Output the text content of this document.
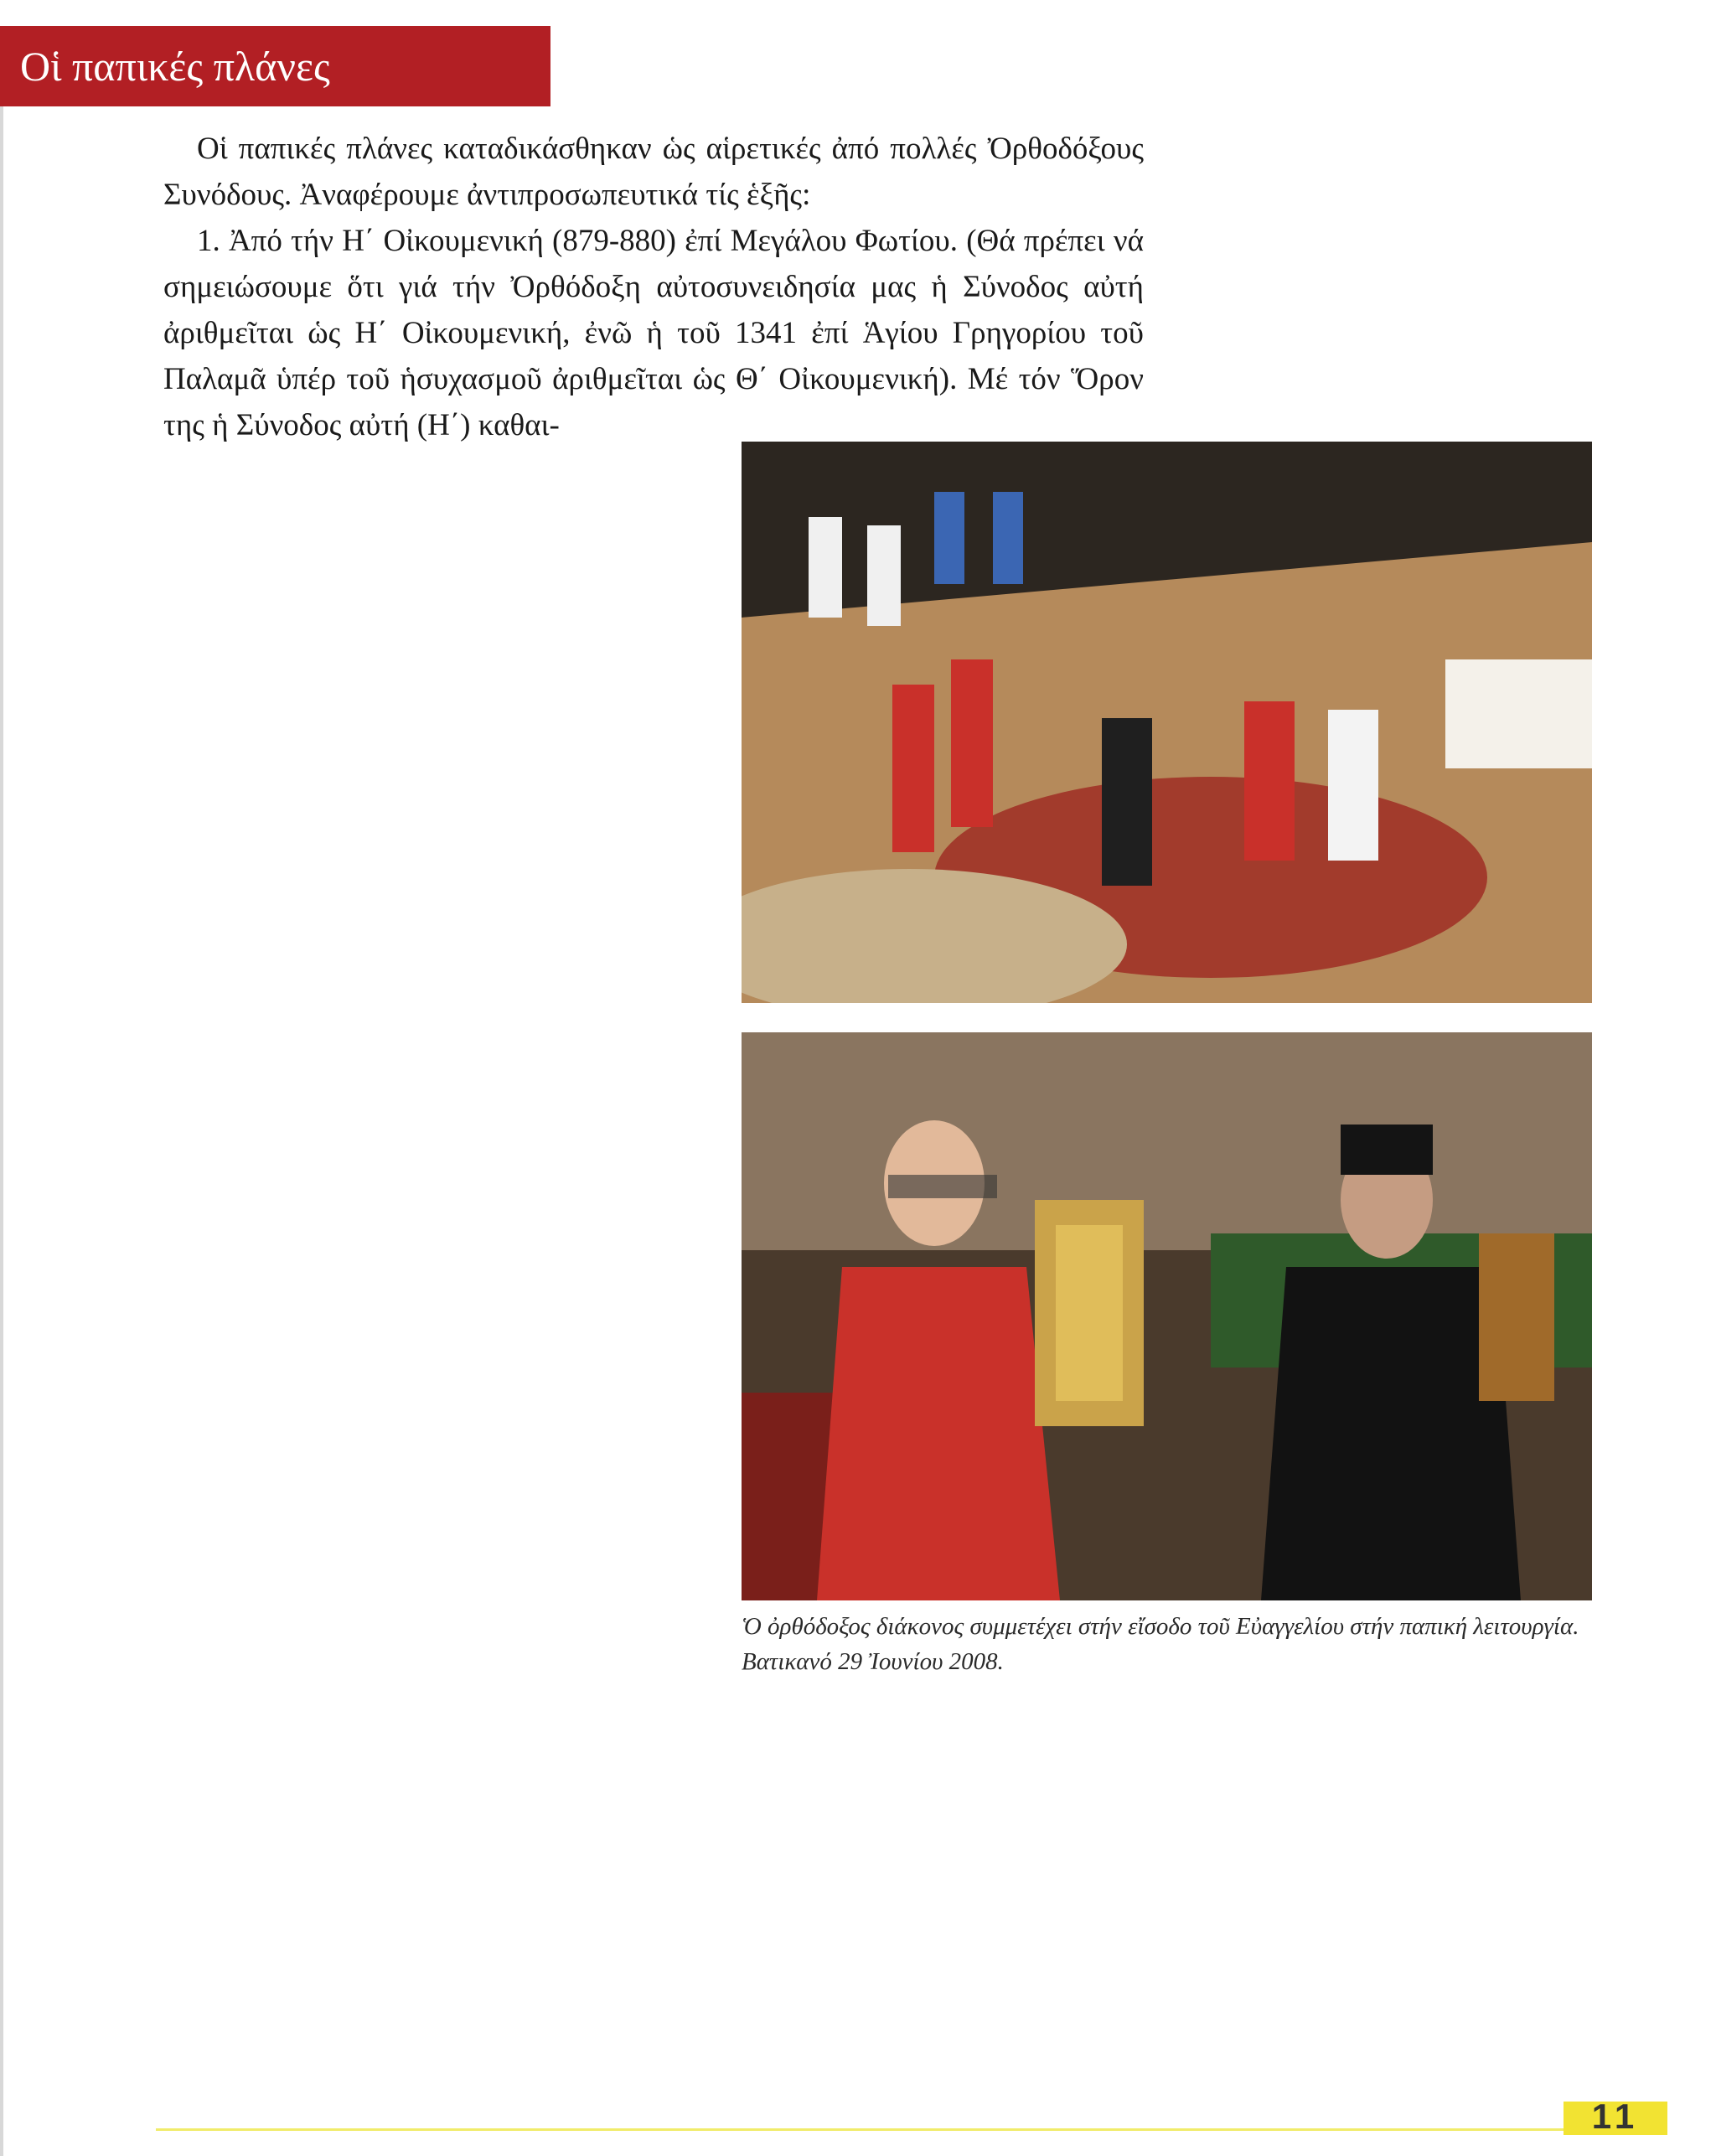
Οἱ παπικές πλάνες

Οἱ παπικές πλάνες καταδικάσθηκαν ὡς αἱρετικές ἀπό πολλές Ὀρθοδόξους Συνόδους. Ἀναφέρουμε ἀντιπροσωπευτικά τίς ἑξῆς:

1. Ἀπό τήν Η΄ Οἰκουμενική (879-880) ἐπί Μεγάλου Φωτίου. (Θά πρέπει νά σημειώσουμε ὅτι γιά τήν Ὀρθόδοξη αὐτοσυνειδησία μας ἡ Σύνοδος αὐτή ἀριθμεῖται ὡς Η΄ Οἰκουμενική, ἐνῶ ἡ τοῦ 1341 ἐπί Ἁγίου Γρηγορίου τοῦ Παλαμᾶ ὑπέρ τοῦ ἡσυχασμοῦ ἀριθμεῖται ὡς Θ΄ Οἰκουμενική). Μέ τόν Ὅρον της ἡ Σύνοδος αὐτή (Η΄) καθαι-

Ὁ ὀρθόδοξος διάκονος συμμετέχει στήν εἴσοδο τοῦ Εὐαγγελίου στήν παπική λειτουργία. Βατικανό 29 Ἰουνίου 2008.
11
